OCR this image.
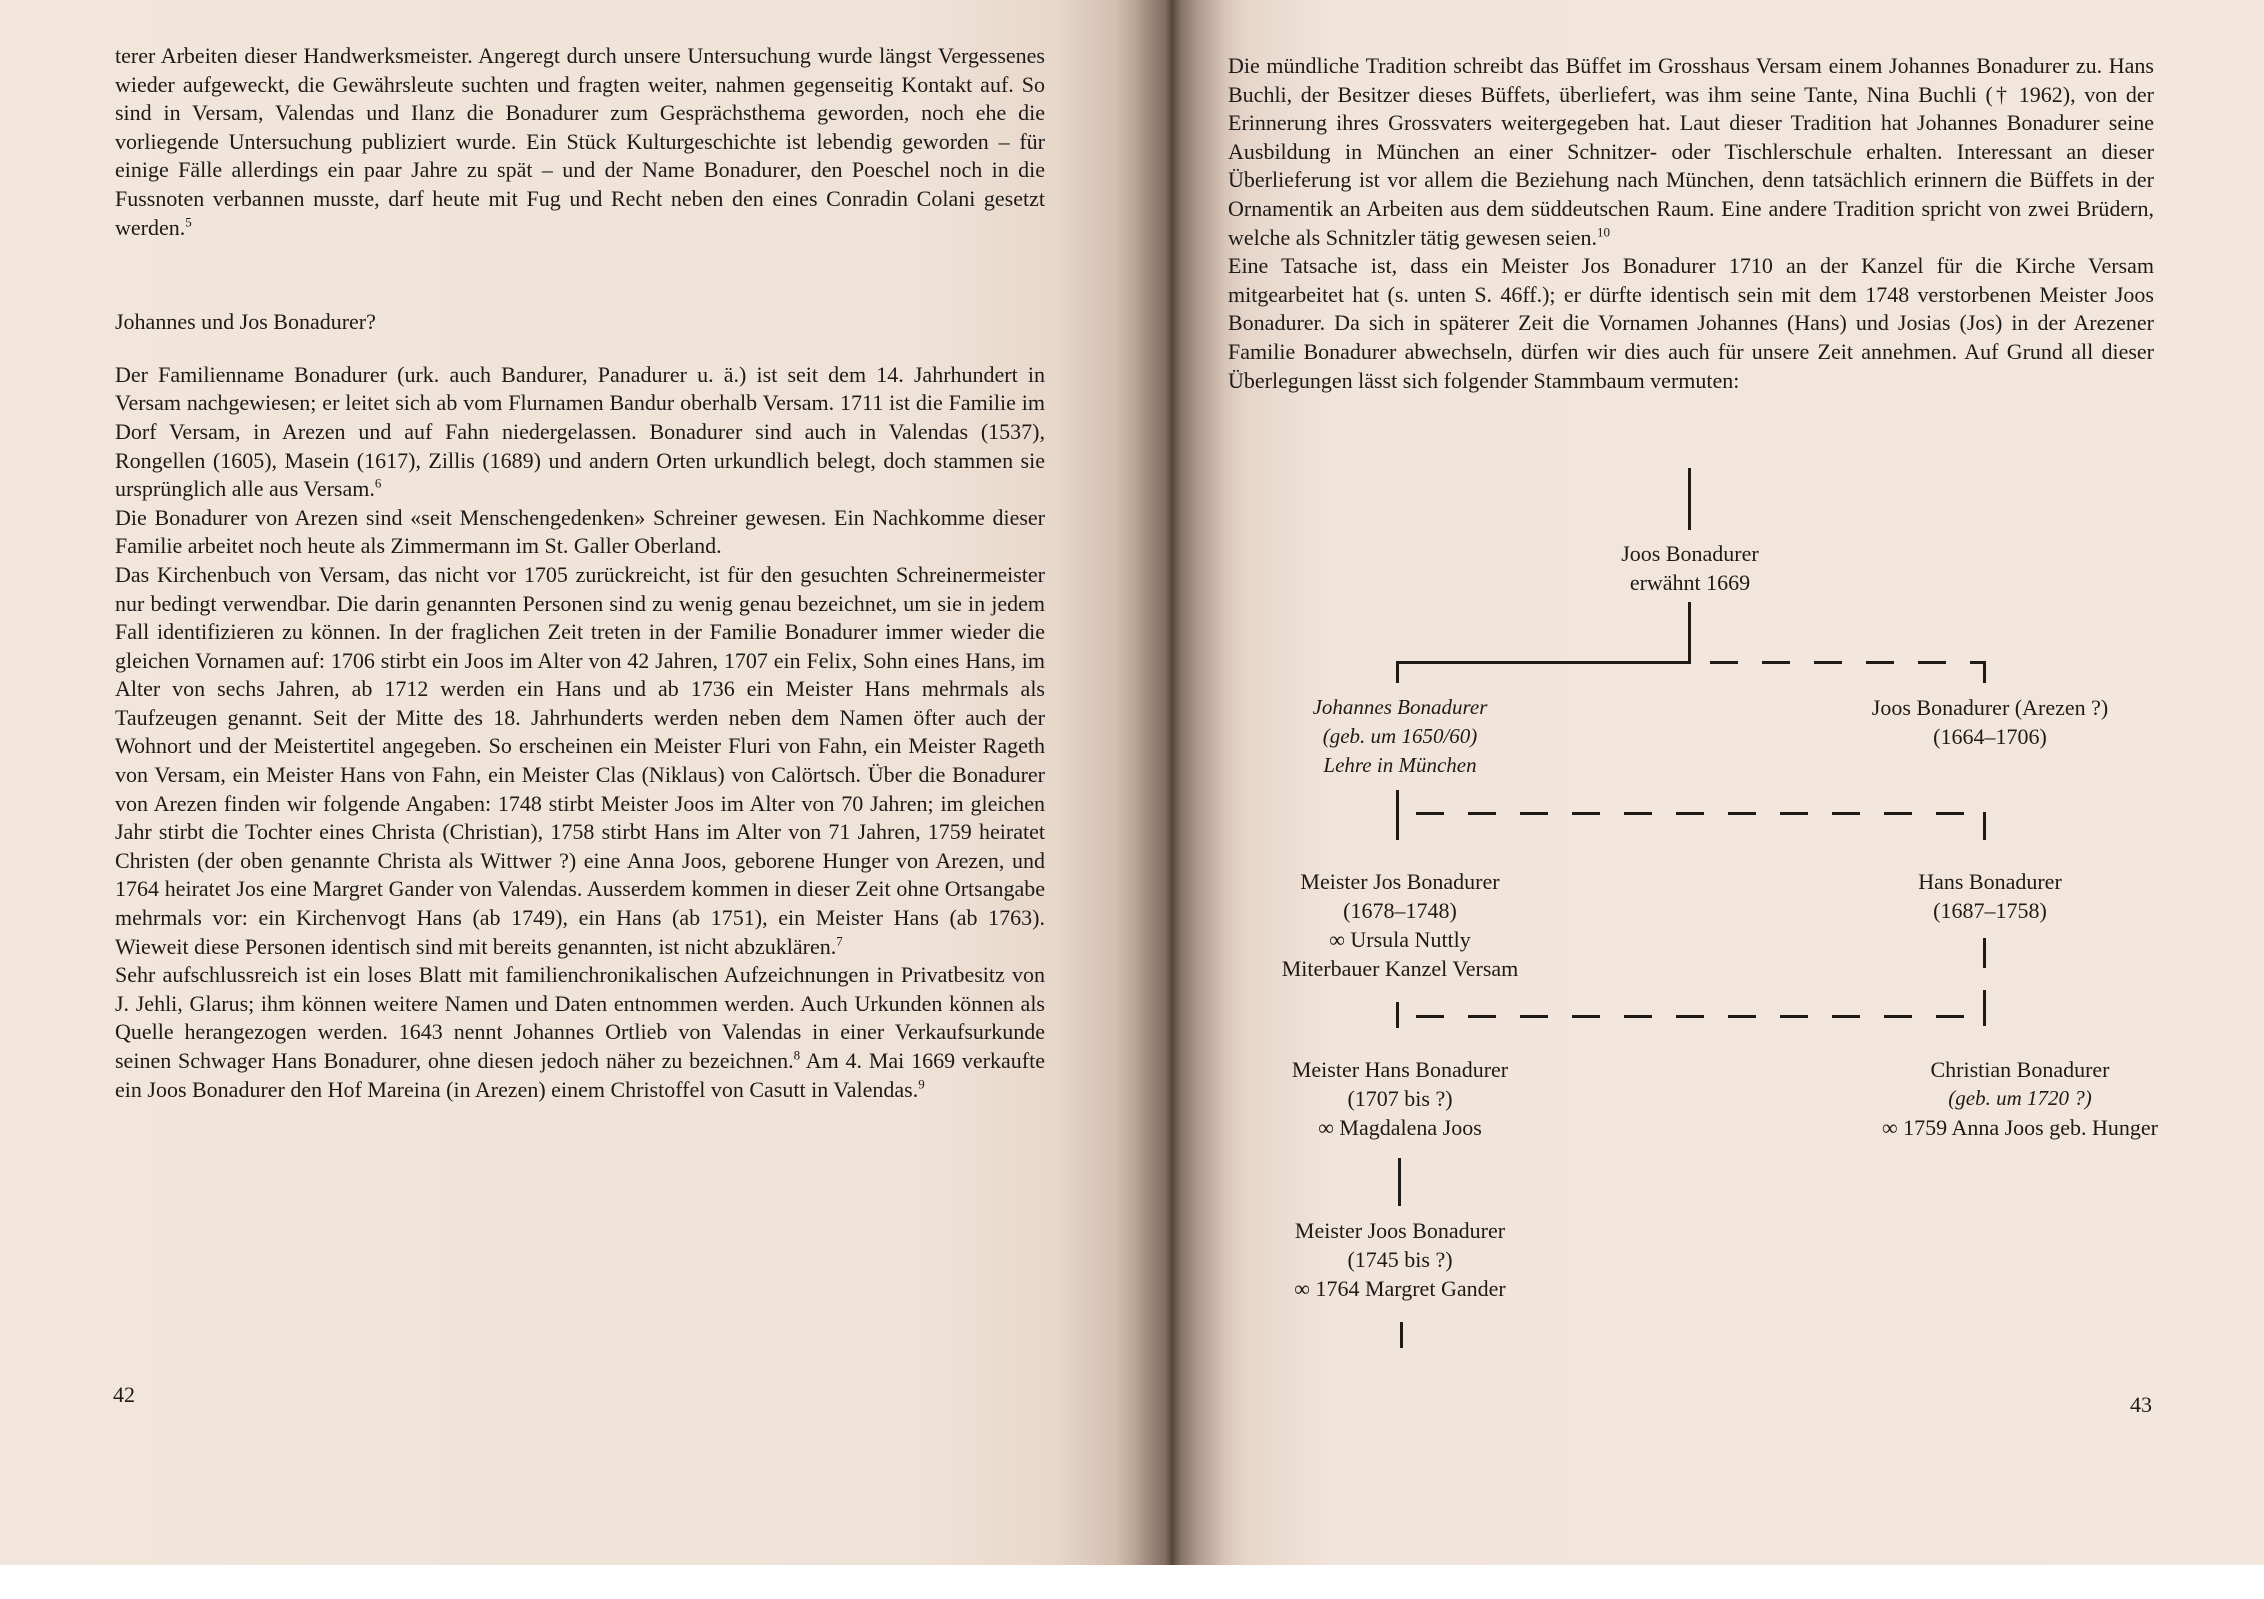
terer Arbeiten dieser Handwerksmeister. Angeregt durch unsere Untersuchung wurde längst Vergessenes wieder aufgeweckt, die Gewährsleute suchten und fragten weiter, nahmen gegenseitig Kontakt auf. So sind in Versam, Valendas und Ilanz die Bonadurer zum Gesprächsthema geworden, noch ehe die vorliegende Untersuchung publiziert wurde. Ein Stück Kulturgeschichte ist lebendig geworden – für einige Fälle allerdings ein paar Jahre zu spät – und der Name Bonadurer, den Poeschel noch in die Fussnoten verbannen musste, darf heute mit Fug und Recht neben den eines Conradin Colani gesetzt werden.$^5$

Johannes und Jos Bonadurer?

Der Familienname Bonadurer (urk. auch Bandurer, Panadurer u. ä.) ist seit dem 14. Jahrhundert in Versam nachgewiesen; er leitet sich ab vom Flurnamen Bandur oberhalb Versam. 1711 ist die Familie im Dorf Versam, in Arezen und auf Fahn niedergelassen. Bonadurer sind auch in Valendas (1537), Rongellen (1605), Masein (1617), Zillis (1689) und andern Orten urkundlich belegt, doch stammen sie ursprünglich alle aus Versam.$^6$

Die Bonadurer von Arezen sind «seit Menschengedenken» Schreiner gewesen. Ein Nachkomme dieser Familie arbeitet noch heute als Zimmermann im St. Galler Oberland.

Das Kirchenbuch von Versam, das nicht vor 1705 zurückreicht, ist für den gesuchten Schreinermeister nur bedingt verwendbar. Die darin genannten Personen sind zu wenig genau bezeichnet, um sie in jedem Fall identifizieren zu können. In der fraglichen Zeit treten in der Familie Bonadurer immer wieder die gleichen Vornamen auf: 1706 stirbt ein Joos im Alter von 42 Jahren, 1707 ein Felix, Sohn eines Hans, im Alter von sechs Jahren, ab 1712 werden ein Hans und ab 1736 ein Meister Hans mehrmals als Taufzeugen genannt. Seit der Mitte des 18. Jahrhunderts werden neben dem Namen öfter auch der Wohnort und der Meistertitel angegeben. So erscheinen ein Meister Fluri von Fahn, ein Meister Rageth von Versam, ein Meister Hans von Fahn, ein Meister Clas (Niklaus) von Calörtsch. Über die Bonadurer von Arezen finden wir folgende Angaben: 1748 stirbt Meister Joos im Alter von 70 Jahren; im gleichen Jahr stirbt die Tochter eines Christa (Christian), 1758 stirbt Hans im Alter von 71 Jahren, 1759 heiratet Christen (der oben genannte Christa als Wittwer ?) eine Anna Joos, geborene Hunger von Arezen, und 1764 heiratet Jos eine Margret Gander von Valendas. Ausserdem kommen in dieser Zeit ohne Ortsangabe mehrmals vor: ein Kirchenvogt Hans (ab 1749), ein Hans (ab 1751), ein Meister Hans (ab 1763). Wieweit diese Personen identisch sind mit bereits genannten, ist nicht abzuklären.$^7$

Sehr aufschlussreich ist ein loses Blatt mit familienchronikalischen Aufzeichnungen in Privatbesitz von J. Jehli, Glarus; ihm können weitere Namen und Daten entnommen werden. Auch Urkunden können als Quelle herangezogen werden. 1643 nennt Johannes Ortlieb von Valendas in einer Verkaufsurkunde seinen Schwager Hans Bonadurer, ohne diesen jedoch näher zu bezeichnen.$^8$ Am 4. Mai 1669 verkaufte ein Joos Bonadurer den Hof Mareina (in Arezen) einem Christoffel von Casutt in Valendas.$^9$

42

Die mündliche Tradition schreibt das Büffet im Grosshaus Versam einem Johannes Bonadurer zu. Hans Buchli, der Besitzer dieses Büffets, überliefert, was ihm seine Tante, Nina Buchli († 1962), von der Erinnerung ihres Grossvaters weitergegeben hat. Laut dieser Tradition hat Johannes Bonadurer seine Ausbildung in München an einer Schnitzer- oder Tischlerschule erhalten. Interessant an dieser Überlieferung ist vor allem die Beziehung nach München, denn tatsächlich erinnern die Büffets in der Ornamentik an Arbeiten aus dem süddeutschen Raum. Eine andere Tradition spricht von zwei Brüdern, welche als Schnitzler tätig gewesen seien.$^{10}$

Eine Tatsache ist, dass ein Meister Jos Bonadurer 1710 an der Kanzel für die Kirche Versam mitgearbeitet hat (s. unten S. 46ff.); er dürfte identisch sein mit dem 1748 verstorbenen Meister Joos Bonadurer. Da sich in späterer Zeit die Vornamen Johannes (Hans) und Josias (Jos) in der Arezener Familie Bonadurer abwechseln, dürfen wir dies auch für unsere Zeit annehmen. Auf Grund all dieser Überlegungen lässt sich folgender Stammbaum vermuten:

43
Joos Bonadurer
erwähnt 1669
Johannes Bonadurer
(geb. um 1650/60)
Lehre in München
Joos Bonadurer (Arezen ?)
(1664–1706)
Meister Jos Bonadurer
(1678–1748)
∞ Ursula Nuttly
Miterbauer Kanzel Versam
Hans Bonadurer
(1687–1758)
Meister Hans Bonadurer
(1707 bis ?)
∞ Magdalena Joos
Christian Bonadurer
(geb. um 1720 ?)
∞ 1759 Anna Joos geb. Hunger
Meister Joos Bonadurer
(1745 bis ?)
∞ 1764 Margret Gander
